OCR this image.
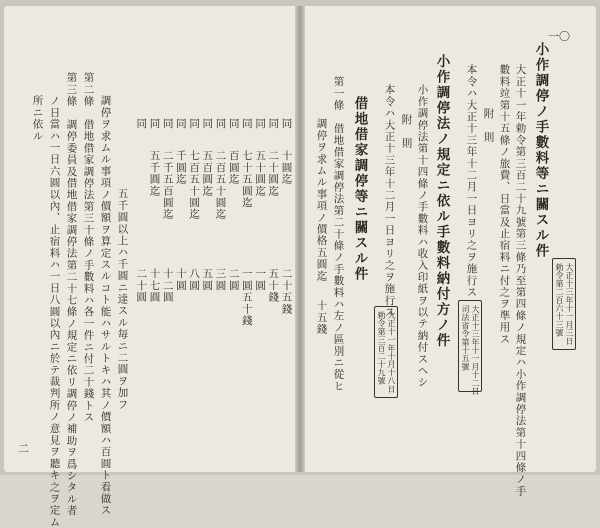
一〇
小作調停ノ手數料等ニ關スル件
大正十三年十一月三日
勅令第二百六十三號
大正十一年勅令第三百二十九號第三條乃至第四條ノ規定ハ小作調停法第十四條ノ手
數料竝第十五條ノ旅費、日當及止宿料ニ付之ヲ準用ス
附　則
本令ハ大正十三年十二月一日ヨリ之ヲ施行ス
小作調停法ノ規定ニ依ル手數料納付方ノ件
大正十三年十一月十二日
司法省令第十五號
小作調停法第十四條ノ手數料ハ收入印紙ヲ以テ納付スヘシ
附　則
本令ハ大正十三年十二月一日ヨリ之ヲ施行ス
借地借家調停等ニ關スル件
大正十一年十月十八日
勅令第三百二十九號
第一條　借地借家調停法第二十條ノ手數料ハ左ノ區別ニ從ヒ
調停ヲ求ムル事項ノ價格五圓迄
十五錢
二
同
十圓迄
二十五錢
同
二十圓迄
五十錢
同
五十圓迄
一圓
同
七十五圓迄
一圓五十錢
同
百圓迄
二圓
同
二百五十圓迄
三圓
同
五百圓迄
五圓
同
七百五十圓迄
八圓
同
千圓迄
十圓
同
二千五百圓迄
十二圓
同
五千圓迄
十七圓
同
二十圓
五千圓以上ハ千圓ニ達スル毎ニ二圓ヲ加フ
調停ヲ求ムル事項ノ價額ヲ算定スルコト能ハサルトキハ其ノ價額ハ百圓ト看做ス
第二條　借地借家調停法第三十條ノ手數料ハ各一件ニ付二十錢トス
第三條　調停委員及借地借家調停法第二十七條ノ規定ニ依リ調停ノ補助ヲ爲シタル者
ノ日當ハ一日六圓以內、止宿料ハ一日八圓以內ニ於テ裁判所ノ意見ヲ聽キ之ヲ定ム
所ニ依ル
